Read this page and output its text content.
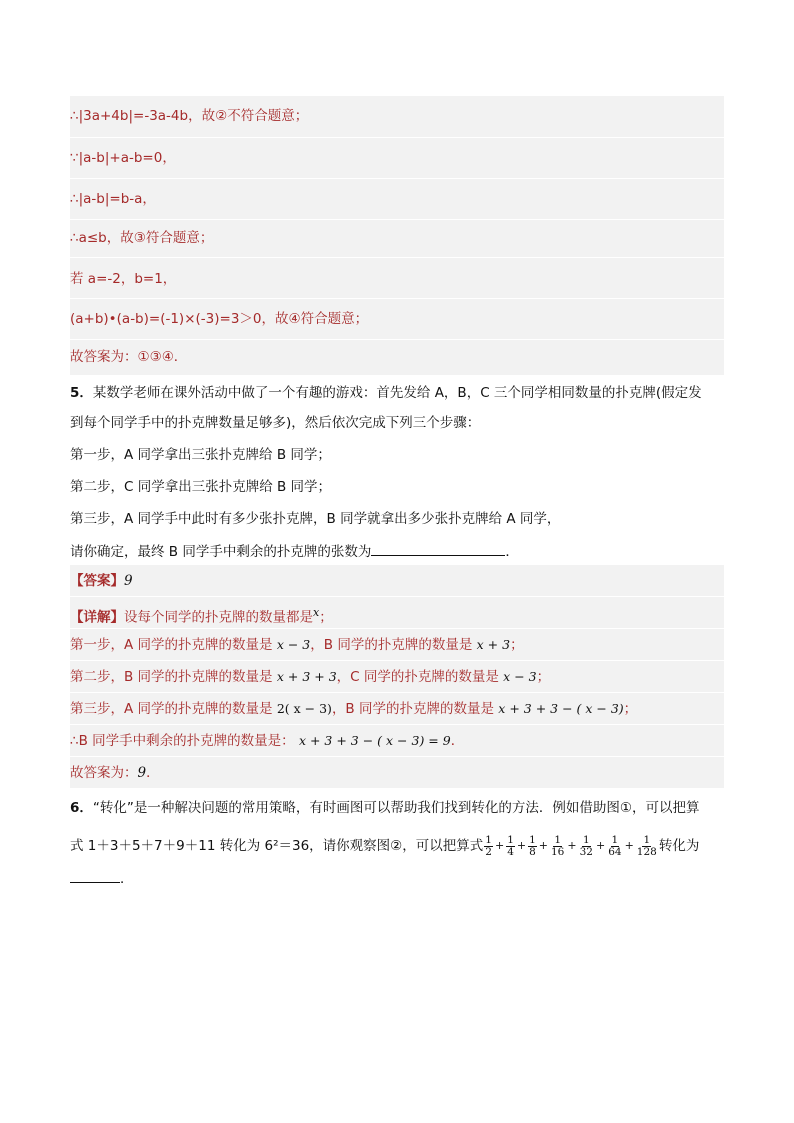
∴|3a+4b|=-3a-4b，故②不符合题意；
∵|a-b|+a-b=0，
∴|a-b|=b-a，
∴a≤b，故③符合题意；
若 a=-2，b=1，
(a+b)•(a-b)=(-1)×(-3)=3＞0，故④符合题意；
故答案为：①③④．
5．某数学老师在课外活动中做了一个有趣的游戏：首先发给 A，B，C 三个同学相同数量的扑克牌(假定发
到每个同学手中的扑克牌数量足够多)，然后依次完成下列三个步骤：
第一步，A 同学拿出三张扑克牌给 B 同学；
第二步，C 同学拿出三张扑克牌给 B 同学；
第三步，A 同学手中此时有多少张扑克牌，B 同学就拿出多少张扑克牌给 A 同学，
请你确定，最终 B 同学手中剩余的扑克牌的张数为	．
【答案】9
【详解】设每个同学的扑克牌的数量都是$^x$；
第一步，A 同学的扑克牌的数量是 x − 3，B 同学的扑克牌的数量是 x + 3；
第二步，B 同学的扑克牌的数量是 x + 3 + 3，C 同学的扑克牌的数量是 x − 3；
第三步，A 同学的扑克牌的数量是 2( x − 3)，B 同学的扑克牌的数量是 x + 3 + 3 − ( x − 3)；
∴B 同学手中剩余的扑克牌的数量是： x + 3 + 3 − ( x − 3) = 9．
故答案为：9．
6．“转化”是一种解决问题的常用策略，有时画图可以帮助我们找到转化的方法．例如借助图①，可以把算
式 1＋3＋5＋7＋9＋11 转化为 6²＝36，请你观察图②，可以把算式 $\frac{1}{2} + \frac{1}{4} + \frac{1}{8} + \frac{1}{16} + \frac{1}{32} + \frac{1}{64} + \frac{1}{128}$ 转化为
．
